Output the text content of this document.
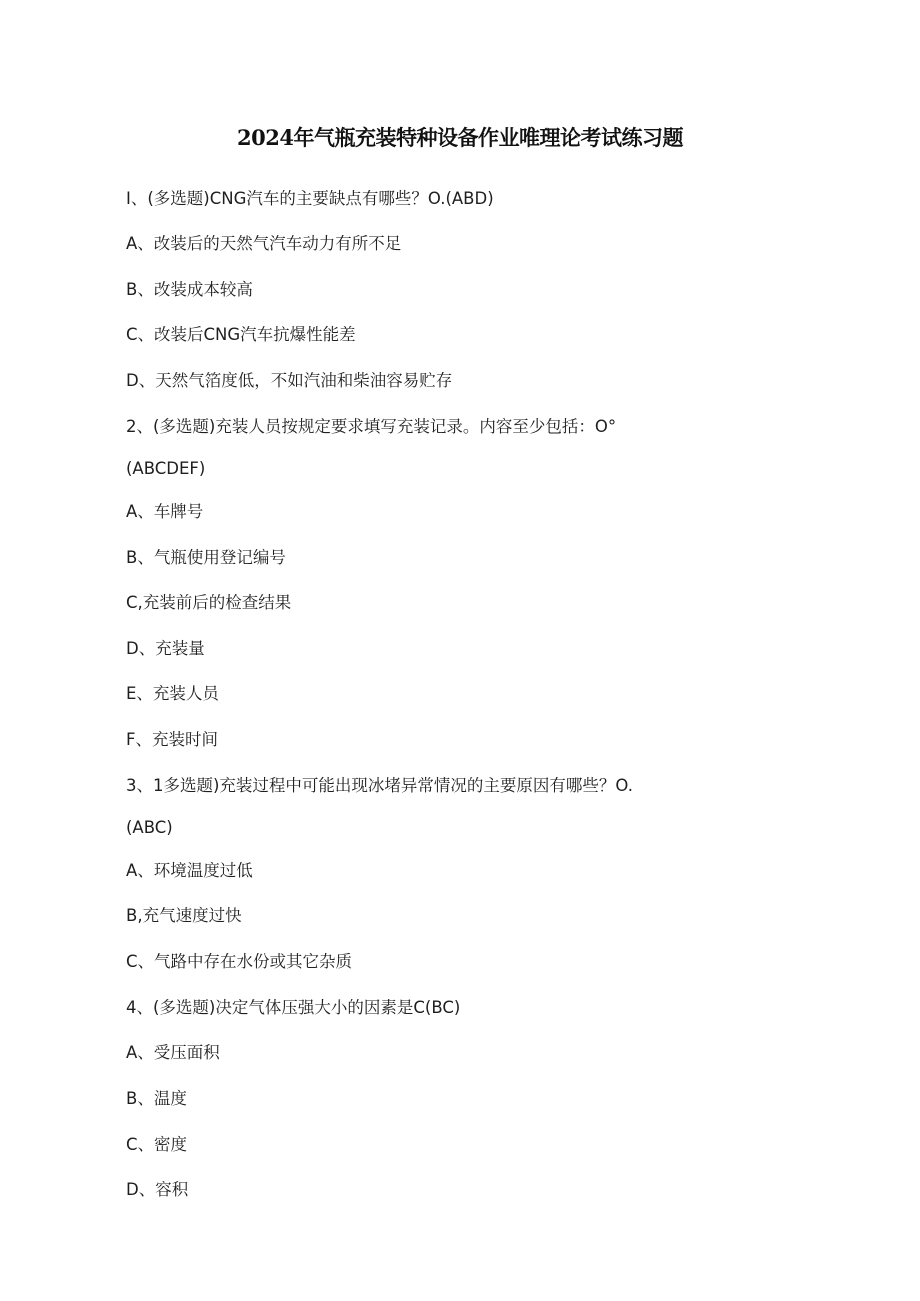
2024年气瓶充装特种设备作业唯理论考试练习题
I、(多选题)CNG汽车的主要缺点有哪些？O.(ABD)
A、改装后的天然气汽车动力有所不足
B、改装成本较高
C、改装后CNG汽车抗爆性能差
D、天然气箔度低，不如汽油和柴油容易贮存
2、(多选题)充装人员按规定要求填写充装记录。内容至少包括：O°
(ABCDEF)
A、车牌号
B、气瓶使用登记编号
C,充装前后的检查结果
D、充装量
E、充装人员
F、充装时间
3、1多选题)充装过程中可能出现冰堵异常情况的主要原因有哪些？O.
(ABC)
A、环境温度过低
B,充气速度过快
C、气路中存在水份或其它杂质
4、(多选题)决定气体压强大小的因素是C(BC)
A、受压面积
B、温度
C、密度
D、容积
